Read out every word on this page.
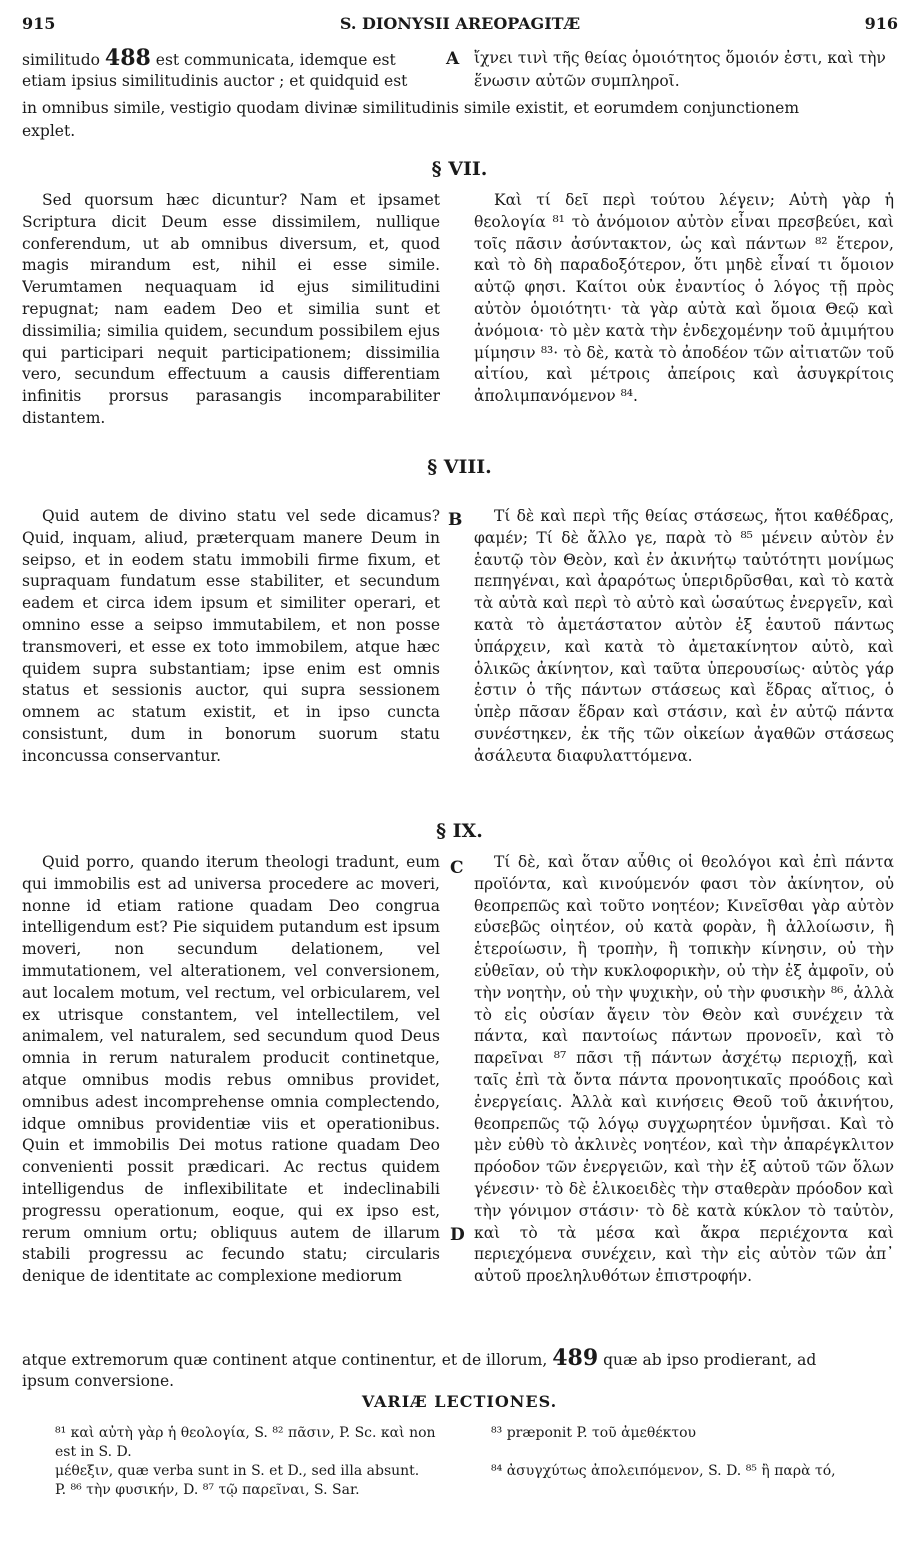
915	S. DIONYSII AREOPAGITÆ	916
similitudo 488 est communicata, idemque est	A ἴχνει τινὶ τῆς θείας ὁμοιότητος ὅμοιόν ἐστι, καὶ τὴν
etiam ipsius similitudinis auctor ; et quidquid est	ἕνωσιν αὐτῶν συμπληροῖ.
in omnibus simile, vestigio quodam divinæ similitudinis simile existit, et eorumdem conjunctionem
explet.
§ VII.
Sed quorsum hæc dicuntur? Nam et ipsamet Scriptura dicit Deum esse dissimilem, nullique conferendum, ut ab omnibus diversum, et, quod magis mirandum est, nihil ei esse simile. Verumtamen nequaquam id ejus similitudini repugnat; nam eadem Deo et similia sunt et dissimilia; similia quidem, secundum possibilem ejus qui participari nequit participationem; dissimilia vero, secundum effectuum a causis differentiam infinitis prorsus parasangis incomparabiliter distantem.
Καὶ τί δεῖ περὶ τούτου λέγειν; Αὐτὴ γὰρ ἡ θεολογία ⁸¹ τὸ ἀνόμοιον αὐτὸν εἶναι πρεσβεύει, καὶ τοῖς πᾶσιν ἀσύντακτον, ὡς καὶ πάντων ⁸² ἕτερον, καὶ τὸ δὴ παραδοξότερον, ὅτι μηδὲ εἶναί τι ὅμοιον αὐτῷ φησι. Καίτοι οὐκ ἐναντίος ὁ λόγος τῇ πρὸς αὐτὸν ὁμοιότητι· τὰ γὰρ αὐτὰ καὶ ὅμοια Θεῷ καὶ ἀνόμοια· τὸ μὲν κατὰ τὴν ἐνδεχομένην τοῦ ἀμιμήτου μίμησιν ⁸³· τὸ δὲ, κατὰ τὸ ἀποδέον τῶν αἰτιατῶν τοῦ αἰτίου, καὶ μέτροις ἀπείροις καὶ ἀσυγκρίτοις ἀπολιμπανόμενον ⁸⁴.
§ VIII.
B
Quid autem de divino statu vel sede dicamus? Quid, inquam, aliud, præterquam manere Deum in seipso, et in eodem statu immobili firme fixum, et supraquam fundatum esse stabiliter, et secundum eadem et circa idem ipsum et similiter operari, et omnino esse a seipso immutabilem, et non posse transmoveri, et esse ex toto immobilem, atque hæc quidem supra substantiam; ipse enim est omnis status et sessionis auctor, qui supra sessionem omnem ac statum existit, et in ipso cuncta consistunt, dum in bonorum suorum statu inconcussa conservantur.
Τί δὲ καὶ περὶ τῆς θείας στάσεως, ἤτοι καθέδρας, φαμέν; Τί δὲ ἄλλο γε, παρὰ τὸ ⁸⁵ μένειν αὐτὸν ἐν ἑαυτῷ τὸν Θεὸν, καὶ ἐν ἀκινήτῳ ταὐτότητι μονίμως πεπηγέναι, καὶ ἀραρότως ὑπεριδρῦσθαι, καὶ τὸ κατὰ τὰ αὐτὰ καὶ περὶ τὸ αὐτὸ καὶ ὡσαύτως ἐνεργεῖν, καὶ κατὰ τὸ ἀμετάστατον αὐτὸν ἐξ ἑαυτοῦ πάντως ὑπάρχειν, καὶ κατὰ τὸ ἀμετακίνητον αὐτὸ, καὶ ὁλικῶς ἀκίνητον, καὶ ταῦτα ὑπερουσίως· αὐτὸς γάρ ἐστιν ὁ τῆς πάντων στάσεως καὶ ἕδρας αἴτιος, ὁ ὑπὲρ πᾶσαν ἕδραν καὶ στάσιν, καὶ ἐν αὐτῷ πάντα συνέστηκεν, ἐκ τῆς τῶν οἰκείων ἀγαθῶν στάσεως ἀσάλευτα διαφυλαττόμενα.
§ IX.
C
D
Quid porro, quando iterum theologi tradunt, eum qui immobilis est ad universa procedere ac moveri, nonne id etiam ratione quadam Deo congrua intelligendum est? Pie siquidem putandum est ipsum moveri, non secundum delationem, vel immutationem, vel alterationem, vel conversionem, aut localem motum, vel rectum, vel orbicularem, vel ex utrisque constantem, vel intellectilem, vel animalem, vel naturalem, sed secundum quod Deus omnia in rerum naturalem producit continetque, atque omnibus modis rebus omnibus providet, omnibus adest incomprehense omnia complectendo, idque omnibus providentiæ viis et operationibus. Quin et immobilis Dei motus ratione quadam Deo convenienti possit prædicari. Ac rectus quidem intelligendus de inflexibilitate et indeclinabili progressu operationum, eoque, qui ex ipso est, rerum omnium ortu; obliquus autem de illarum stabili progressu ac fecundo statu; circularis denique de identitate ac complexione mediorum
Τί δὲ, καὶ ὅταν αὖθις οἱ θεολόγοι καὶ ἐπὶ πάντα προϊόντα, καὶ κινούμενόν φασι τὸν ἀκίνητον, οὐ θεοπρεπῶς καὶ τοῦτο νοητέον; Κινεῖσθαι γὰρ αὐτὸν εὐσεβῶς οἰητέον, οὐ κατὰ φορὰν, ἢ ἀλλοίωσιν, ἢ ἑτεροίωσιν, ἢ τροπὴν, ἢ τοπικὴν κίνησιν, οὐ τὴν εὐθεῖαν, οὐ τὴν κυκλοφορικὴν, οὐ τὴν ἐξ ἀμφοῖν, οὐ τὴν νοητὴν, οὐ τὴν ψυχικὴν, οὐ τὴν φυσικὴν ⁸⁶, ἀλλὰ τὸ εἰς οὐσίαν ἄγειν τὸν Θεὸν καὶ συνέχειν τὰ πάντα, καὶ παντοίως πάντων προνοεῖν, καὶ τὸ παρεῖναι ⁸⁷ πᾶσι τῇ πάντων ἀσχέτῳ περιοχῇ, καὶ ταῖς ἐπὶ τὰ ὄντα πάντα προνοητικαῖς προόδοις καὶ ἐνεργείαις. Ἀλλὰ καὶ κινήσεις Θεοῦ τοῦ ἀκινήτου, θεοπρεπῶς τῷ λόγῳ συγχωρητέον ὑμνῆσαι. Καὶ τὸ μὲν εὐθὺ τὸ ἀκλινὲς νοητέον, καὶ τὴν ἀπαρέγκλιτον πρόοδον τῶν ἐνεργειῶν, καὶ τὴν ἐξ αὐτοῦ τῶν ὅλων γένεσιν· τὸ δὲ ἑλικοειδὲς τὴν σταθερὰν πρόοδον καὶ τὴν γόνιμον στάσιν· τὸ δὲ κατὰ κύκλον τὸ ταὐτὸν, καὶ τὸ τὰ μέσα καὶ ἄκρα περιέχοντα καὶ περιεχόμενα συνέχειν, καὶ τὴν εἰς αὐτὸν τῶν ἀπ᾽ αὐτοῦ προεληλυθότων ἐπιστροφήν.
atque extremorum quæ continent atque continentur, et de illorum, 489 quæ ab ipso prodierant, ad
ipsum conversione.
VARIÆ LECTIONES.
⁸¹ καὶ αὐτὴ γὰρ ἡ θεολογία, S. ⁸² πᾶσιν, P. Sc. καὶ non est in S. D.
⁸³ præponit P. τοῦ ἀμεθέκτου
μέθεξιν, quæ verba sunt in S. et D., sed illa absunt.	⁸⁴ ἀσυγχύτως ἀπολειπόμενον, S. D. ⁸⁵ ἢ παρὰ τό,
P. ⁸⁶ τὴν φυσικήν, D. ⁸⁷ τῷ παρεῖναι, S. Sar.
